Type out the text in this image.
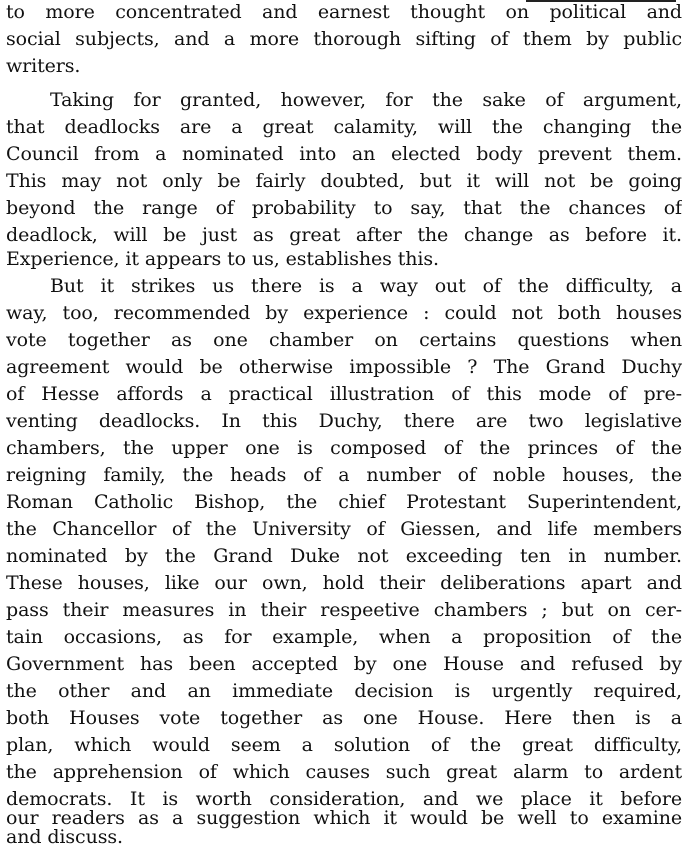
to more concentrated and earnest thought on political and
social subjects, and a more thorough sifting of them by public
writers.
Taking for granted, however, for the sake of argument,
that deadlocks are a great calamity, will the changing the
Council from a nominated into an elected body prevent them.
This may not only be fairly doubted, but it will not be going
beyond the range of probability to say, that the chances of
deadlock, will be just as great after the change as before it.
Experience, it appears to us, establishes this.
But it strikes us there is a way out of the difficulty, a
way, too, recommended by experience : could not both houses
vote together as one chamber on certains questions when
agreement would be otherwise impossible ? The Grand Duchy
of Hesse affords a practical illustration of this mode of pre-
venting deadlocks. In this Duchy, there are two legislative
chambers, the upper one is composed of the princes of the
reigning family, the heads of a number of noble houses, the
Roman Catholic Bishop, the chief Protestant Superintendent,
the Chancellor of the University of Giessen, and life members
nominated by the Grand Duke not exceeding ten in number.
These houses, like our own, hold their deliberations apart and
pass their measures in their respeetive chambers ; but on cer-
tain occasions, as for example, when a proposition of the
Government has been accepted by one House and refused by
the other and an immediate decision is urgently required,
both Houses vote together as one House. Here then is a
plan, which would seem a solution of the great difficulty,
the apprehension of which causes such great alarm to ardent
democrats. It is worth consideration, and we place it before
our readers as a suggestion which it would be well to examine
and discuss.
